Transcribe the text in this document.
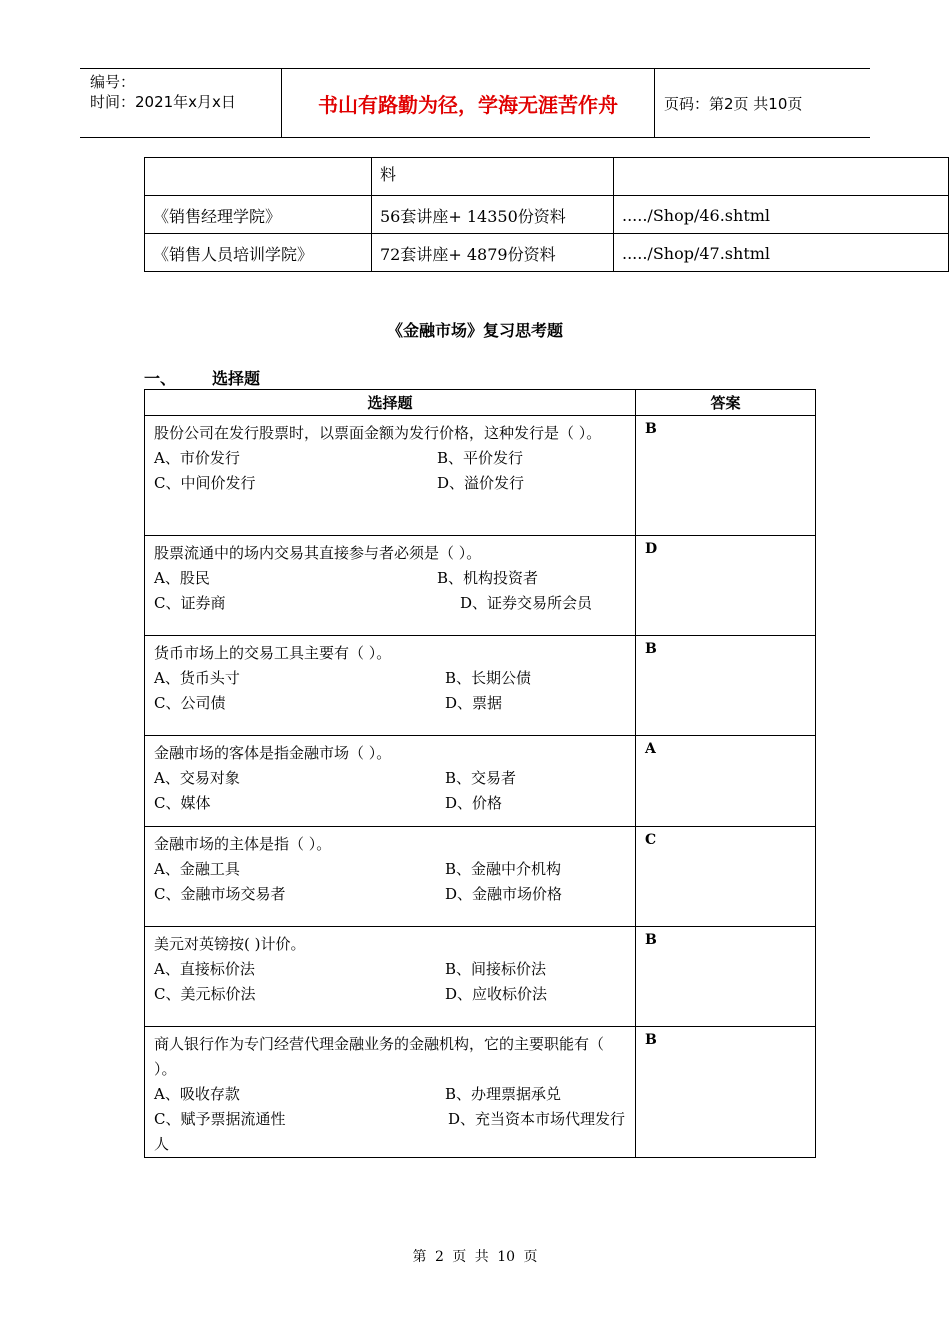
编号：
时间：2021年x月x日	书山有路勤为径，学海无涯苦作舟	页码：第2页 共10页
	料	
《销售经理学院》	56套讲座+ 14350份资料	...../Shop/46.shtml
《销售人员培训学院》	72套讲座+ 4879份资料	...../Shop/47.shtml
《金融市场》复习思考题
一、 选择题
选择题	答案

股份公司在发行股票时，以票面金额为发行价格，这种发行是（ ）。
A、市价发行 B、平价发行
C、中间价发行 D、溢价发行	B

股票流通中的场内交易其直接参与者必须是（ ）。
A、股民 B、机构投资者
C、证券商 D、证券交易所会员	D

货币市场上的交易工具主要有（ ）。
A、货币头寸 B、长期公债
C、公司债 D、票据	B

金融市场的客体是指金融市场（ ）。
A、交易对象 B、交易者
C、媒体 D、价格	A

金融市场的主体是指（ ）。
A、金融工具 B、金融中介机构
C、金融市场交易者 D、金融市场价格	C

美元对英镑按( )计价。
A、直接标价法 B、间接标价法
C、美元标价法 D、应收标价法	B

商人银行作为专门经营代理金融业务的金融机构，它的主要职能有（ ）。
A、吸收存款 B、办理票据承兑
C、赋予票据流通性 D、充当资本市场代理发行人	B
第 2 页 共 10 页
